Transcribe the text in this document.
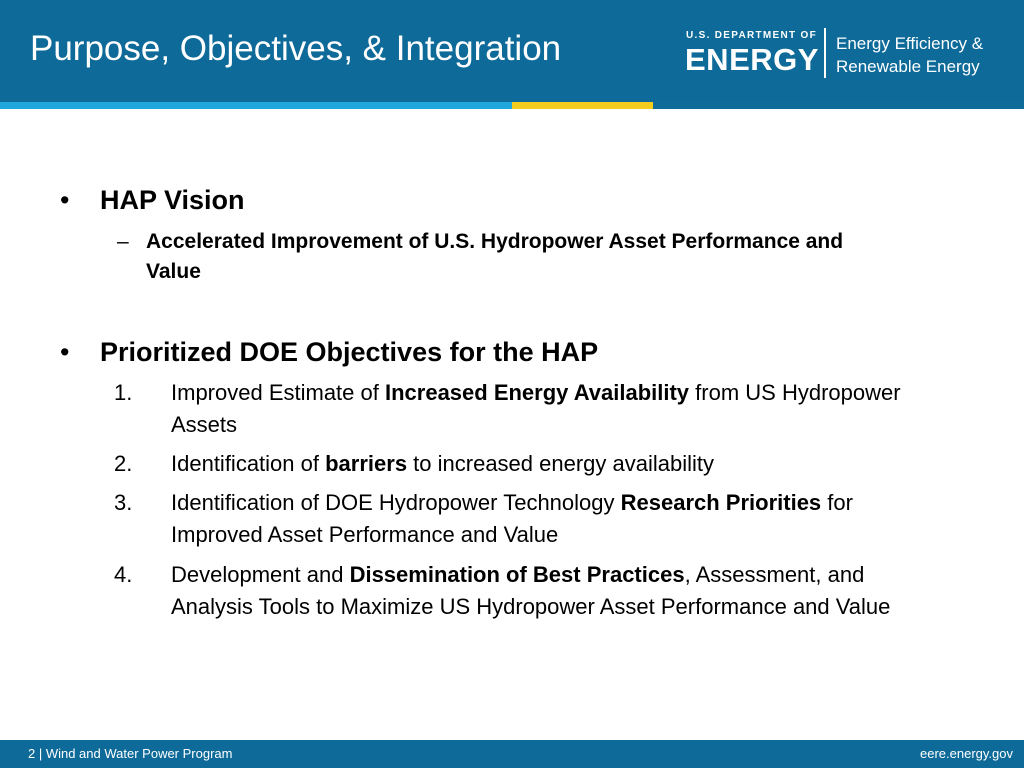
Purpose, Objectives, & Integration	U.S. DEPARTMENT OF
ENERGY Energy Efficiency &
Renewable Energy
• HAP Vision
– Accelerated Improvement of U.S. Hydropower Asset Performance and Value
• Prioritized DOE Objectives for the HAP
1. Improved Estimate of Increased Energy Availability from US Hydropower Assets
2. Identification of barriers to increased energy availability
3. Identification of DOE Hydropower Technology Research Priorities for Improved Asset Performance and Value
4. Development and Dissemination of Best Practices, Assessment, and Analysis Tools to Maximize US Hydropower Asset Performance and Value
2 | Wind and Water Power Program	eere.energy.gov
